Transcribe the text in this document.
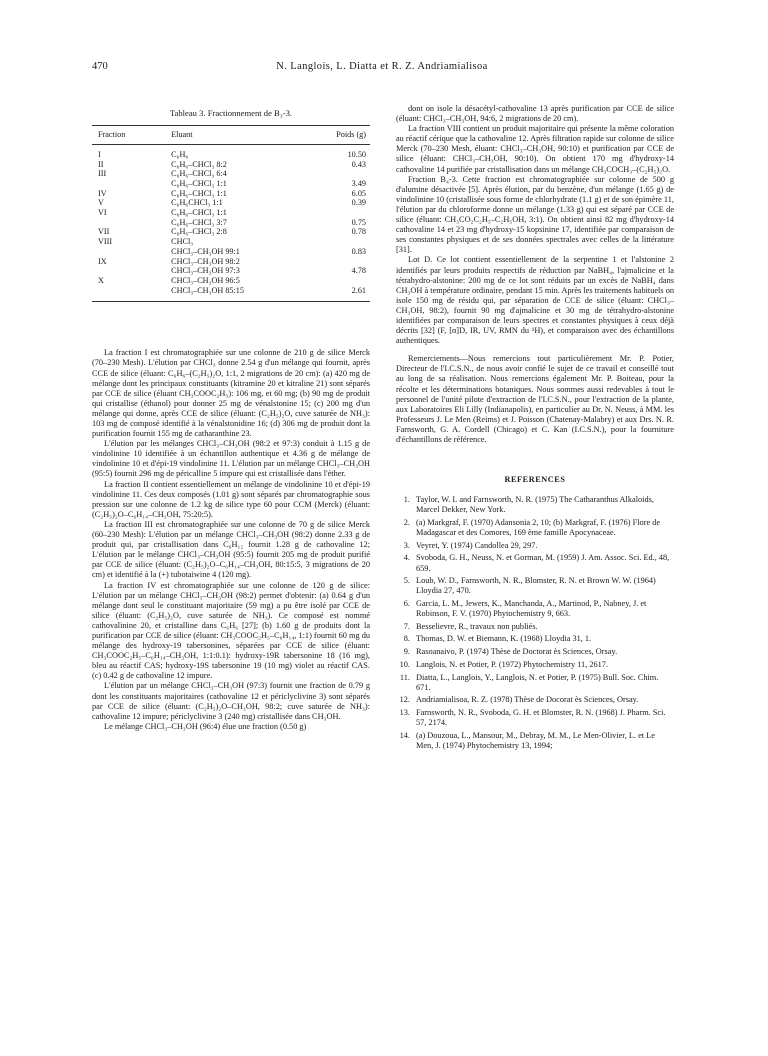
470	N. Langlois, L. Diatta et R. Z. Andriamialisoa
Tableau 3. Fractionnement de B₃-3.
Fraction	Eluant	Poids (g)
I	C₆H₆	10.50
II	C₆H₆–CHCl₃ 8:2	0.43
III	C₆H₆–CHCl₃ 6:4	
	C₆H₆–CHCl₃ 1:1	3.49
IV	C₆H₆–CHCl₃ 1:1	6.05
V	C₆H₆CHCl₃ 1:1	0.39
VI	C₆H₆–CHCl₃ 1:1	
	C₆H₆–CHCl₃ 3:7	0.75
VII	C₆H₆–CHCl₃ 2:8	0.78
VIII	CHCl₃	
	CHCl₃–CH₃OH 99:1	0.83
IX	CHCl₃–CH₃OH 98:2	
	CHCl₃–CH₃OH 97:3	4.78
X	CHCl₃–CH₃OH 96:5	
	CHCl₃–CH₃OH 85:15	2.61

La fraction I est chromatographiée sur une colonne de 210 g de silice Merck (70–230 Mesh). L'élution par CHCl₃ donne 2.54 g d'un mélange qui fournit, après CCE de silice (éluant: C₆H₆–(C₂H₅)₂O, 1:1, 2 migrations de 20 cm): (a) 420 mg de mélange dont les principaux constituants (kitramine 20 et kitraline 21) sont séparés par CCE de silice (éluant CH₃COOC₂H₅): 106 mg, et 60 mg; (b) 90 mg de produit qui cristallise (éthanol) pour donner 25 mg de vénalstonine 15; (c) 200 mg d'un mélange qui donne, après CCE de silice (éluant: (C₂H₅)₂O, cuve saturée de NH₃): 103 mg de composé identifié à la vénalstonidine 16; (d) 306 mg de produit dont la purification fournit 155 mg de catharanthine 23.

L'élution par les mélanges CHCl₃–CH₃OH (98:2 et 97:3) conduit à 1.15 g de vindolinine 10 identifiée à un échantillon authentique et 4.36 g de mélange de vindolinine 10 et d'épi-19 vindolinine 11. L'élution par un mélange CHCl₃–CH₃OH (95:5) fournit 296 mg de péricalline 5 impure qui est cristallisée dans l'éther.

La fraction II contient essentiellement un mélange de vindolinine 10 et d'épi-19 vindolinine 11. Ces deux composés (1.01 g) sont séparés par chromatographie sous pression sur une colonne de 1.2 kg de silice type 60 pour CCM (Merck) (éluant: (C₂H₅)₂O–C₆H₁₄–CH₃OH, 75:20:5).

La fraction III est chromatographiée sur une colonne de 70 g de silice Merck (60–230 Mesh): L'élution par un mélange CHCl₃–CH₃OH (98:2) donne 2.33 g de produit qui, par cristallisation dans C₆H₁₂ fournit 1.28 g de cathovaline 12; L'élution par le mélange CHCl₃–CH₃OH (95:5) fournit 205 mg de produit purifié par CCE de silice (éluant: (C₂H₅)₂O–C₆H₁₄–CH₃OH, 80:15:5, 3 migrations de 20 cm) et identifié à la (+) tubotaiwine 4 (120 mg).

La fraction IV est chromatographiée sur une colonne de 120 g de silice: L'élution par un mélange CHCl₃–CH₃OH (98:2) permet d'obtenir: (a) 0.64 g d'un mélange dont seul le constituant majoritaire (59 mg) a pu être isolé par CCE de silice (éluant: (C₂H₅)₂O, cuve saturée de NH₃). Ce composé est nommé cathovalinine 20, et cristalline dans C₆H₆ [27]; (b) 1.60 g de produits dont la purification par CCE de silice (éluant: CH₃COOC₂H₅–C₆H₁₄, 1:1) fournit 60 mg du mélange des hydroxy-19 tabersonines, séparées par CCE de silice (éluant: CH₃COOC₂H₅–C₆H₁₄–CH₃OH, 1:1:0.1): hydroxy-19R tabersonine 18 (16 mg), bleu au réactif CAS; hydroxy-19S tabersonine 19 (10 mg) violet au réactif CAS. (c) 0.42 g de cathovaline 12 impure.

L'élution par un mélange CHCl₃–CH₃OH (97:3) fournit une fraction de 0.79 g dont les constituants majoritaires (cathovaline 12 et périclyclivine 3) sont séparés par CCE de silice (éluant: (C₂H₅)₂O–CH₃OH, 98:2; cuve saturée de NH₃): cathovaline 12 impure; périclyclivine 3 (240 mg) cristallisée dans CH₃OH.

Le mélange CHCl₃–CH₃OH (96:4) élue une fraction (0.50 g)

dont on isole la désacétyl-cathovaline 13 après purification par CCE de silice (éluant: CHCl₃–CH₃OH, 94:6, 2 migrations de 20 cm).

La fraction VIII contient un produit majoritaire qui présente la même coloration au réactif cérique que la cathovaline 12. Après filtration rapide sur colonne de silice Merck (70–230 Mesh, éluant: CHCl₃–CH₃OH, 90:10) et purification par CCE de silice (éluant: CHCl₃–CH₃OH, 90:10). On obtient 170 mg d'hydroxy-14 cathovaline 14 purifiée par cristallisation dans un mélange CH₃COCH₃–(C₂H₅)₂O.

Fraction B₄-3. Cette fraction est chromatographiée sur colonne de 500 g d'alumine désactivée [5]. Après élution, par du benzène, d'un mélange (1.65 g) de vindolinine 10 (cristallisée sous forme de chlorhydrate (1.1 g) et de son épimère 11, l'élution par du chloroforme donne un mélange (1.33 g) qui est séparé par CCE de silice (éluant: CH₃CO₂C₂H₅–C₂H₅OH, 3:1). On obtient ainsi 82 mg d'hydroxy-14 cathovaline 14 et 23 mg d'hydroxy-15 kopsinine 17, identifiée par comparaison de ses constantes physiques et de ses données spectrales avec celles de la littérature [31].

Lot D. Ce lot contient essentiellement de la serpentine 1 et l'alstonine 2 identifiés par leurs produits respectifs de réduction par NaBH₄, l'ajmalicine et la tétrahydro-alstonine: 200 mg de ce lot sont réduits par un excès de NaBH₄ dans CH₃OH à température ordinaire, pendant 15 min. Après les traitements habituels on isole 150 mg de résidu qui, par séparation de CCE de silice (éluant: CHCl₃–CH₃OH, 98:2), fournit 90 mg d'ajmalicine et 30 mg de tétrahydro-alstonine identifiées par comparaison de leurs spectres et constantes physiques à ceux déjà décrits [32] (F, [α]D, IR, UV, RMN du ¹H), et comparaison avec des échantillons authentiques.

Remerciements—Nous remercions tout particulièrement Mr. P. Potier, Directeur de l'I.C.S.N., de nous avoir confié le sujet de ce travail et conseillé tout au long de sa réalisation. Nous remercions également Mr. P. Boiteau, pour la récolte et les déterminations botaniques. Nous sommes aussi redevables à tout le personnel de l'unité pilote d'extraction de l'I.C.S.N., pour l'extraction de la plante, aux Laboratoires Eli Lilly (Indianapolis), en particulier au Dr. N. Neuss, à MM. les Professeurs J. Le Men (Reims) et J. Poisson (Chatenay-Malabry) et aux Drs. N. R. Farnsworth, G. A. Cordell (Chicago) et C. Kan (I.C.S.N.), pour la fourniture d'échantillons de référence.

REFERENCES
1. Taylor, W. I. and Farnsworth, N. R. (1975) The Catharanthus Alkaloids, Marcel Dekker, New York.
2. (a) Markgraf, F. (1970) Adansonia 2, 10; (b) Markgraf, F. (1976) Flore de Madagascar et des Comores, 169 ème famille Apocynaceae.
3. Veyret, Y. (1974) Candollea 29, 297.
4. Svoboda, G. H., Neuss, N. et Gorman, M. (1959) J. Am. Assoc. Sci. Ed., 48, 659.
5. Loub, W. D., Farnsworth, N. R., Blomster, R. N. et Brown W. W. (1964) Lloydia 27, 470.
6. Garcia, L. M., Jewers, K., Manchanda, A., Martinod, P., Nabney, J. et Robinson, F. V. (1970) Phytochemistry 9, 663.
7. Besselievre, R., travaux non publiés.
8. Thomas, D. W. et Biemann, K. (1968) Lloydia 31, 1.
9. Rasoanaivo, P. (1974) Thèse de Doctorat ès Sciences, Orsay.
10. Langlois, N. et Potier, P. (1972) Phytochemistry 11, 2617.
11. Diatta, L., Langlois, Y., Langlois, N. et Potier, P. (1975) Bull. Soc. Chim. 671.
12. Andriamialisoa, R. Z. (1978) Thèse de Docorat ès Sciences, Orsay.
13. Farnsworth, N. R., Svoboda, G. H. et Blomster, R. N. (1968) J. Pharm. Sci. 57, 2174.
14. (a) Douzoua, L., Mansour, M., Debray, M. M., Le Men-Olivier, L. et Le Men, J. (1974) Phytochemistry 13, 1994;
